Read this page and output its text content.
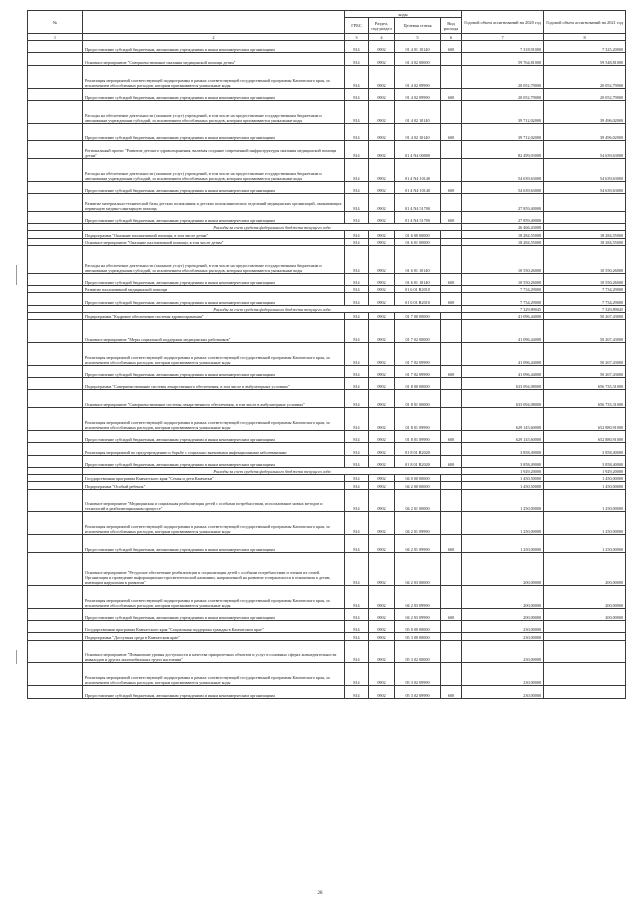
№		коды				Годовой объем ассигнований на 2020 год	Годовой объем ассигнований на 2021 год
		ГРБС	Раздел, под-раздел	Целевая статья	Вид расхода		
1	2	3	4	5	6	7	8
	Предоставление субсидий бюджетным, автономным учреждениям и иным некоммерческим организациям	814	0902	01 4 01 10140	600	7 318,91000	7 325,20000
	Основное мероприятие "Совершенствование оказания медицинской помощи детям"	814	0902	01 4 02 00000		59 764,81000	59 548,81000
	Реализация мероприятий соответствующей подпрограммы в рамках соответствующей государственной программы Камчатского края, за исключением обособленных расходов, которым присваиваются уникальные коды	814	0902	01 4 02 09990		20 052,79000	20 052,79000
	Предоставление субсидий бюджетным, автономным учреждениям и иным некоммерческим организациям	814	0902	01 4 02 09990	600	20 052,79000	20 052,79000
	Расходы на обеспечение деятельности (оказание услуг) учреждений, в том числе на предоставление государственным бюджетным и автономным учреждениям субсидий, за исключением обособленных расходов, которым присваиваются уникальные коды	814	0902	01 4 02 10140		39 712,02000	39 496,02000
	Предоставление субсидий бюджетным, автономным учреждениям и иным некоммерческим организациям	814	0902	01 4 02 10140	600	39 712,02000	39 496,02000
	Региональный проект "Развитие детского здравоохранения, включая создание современной инфраструктуры оказания медицинской помощи детям"	814	0902	01 4 N4 00000		82 499,03000	54 639,63000
	Расходы на обеспечение деятельности (оказание услуг) учреждений, в том числе на предоставление государственным бюджетным и автономным учреждениям субсидий, за исключением обособленных расходов, которым присваиваются уникальные коды	814	0902	01 4 N4 10140		54 639,63000	54 639,63000
	Предоставление субсидий бюджетным, автономным учреждениям и иным некоммерческим организациям	814	0902	01 4 N4 10140	600	54 639,63000	54 639,63000
	Развитие материально-технической базы детских поликлиник и детских поликлинических отделений медицинских организаций, оказывающих первичную медико-санитарную помощь	814	0902	01 4 N4 51700		27 859,40000	
	Предоставление субсидий бюджетным, автономным учреждениям и иным некоммерческим организациям	814	0902	01 4 N4 51700	600	27 859,40000	
	Расходы за счет средств федерального бюджета текущего года					26 466,43000	
	Подпрограмма "Оказание паллиативной помощи, в том числе детям"	814	0902	01 6 00 00000		18 284,55000	18 284,55000
	Основное мероприятие "Оказание паллиативной помощи, в том числе детям"	814	0902	01 6 01 00000		18 284,55000	18 284,55000
	Расходы на обеспечение деятельности (оказание услуг) учреждений, в том числе на предоставление государственным бюджетным и автономным учреждениям субсидий, за исключением обособленных расходов, которым присваиваются уникальные коды	814	0902	01 6 01 10140		10 550,26000	10 550,26000
	Предоставление субсидий бюджетным, автономным учреждениям и иным некоммерческим организациям	814	0902	01 6 01 10140	600	10 550,26000	10 550,26000
	Развитие паллиативной медицинской помощи	814	0902	01 6 01 R2010		7 734,29000	7 734,29000
	Предоставление субсидий бюджетным, автономным учреждениям и иным некоммерческим организациям	814	0902	01 6 01 R2010	600	7 734,29000	7 734,29000
	Расходы за счет средств федерального бюджета текущего года					7 329,89045	7 329,89045
	Подпрограмма "Кадровое обеспечение системы здравоохранения"	814	0902	01 7 00 00000		41 096,44000	50 267,43000
	Основное мероприятие "Меры социальной поддержки медицинских работников"	814	0902	01 7 02 00000		41 096,44000	50 267,43000
	Реализация мероприятий соответствующей подпрограммы в рамках соответствующей государственной программы Камчатского края, за исключением обособленных расходов, которым присваиваются уникальные коды	814	0902	01 7 02 09990		41 096,44000	50 267,43000
	Предоставление субсидий бюджетным, автономным учреждениям и иным некоммерческим организациям	814	0902	01 7 02 09990	600	41 096,44000	50 267,43000
	Подпрограмма "Совершенствование системы лекарственного обеспечения, в том числе в амбулаторных условиях"	814	0902	01 8 00 00000		633 094,08000	656 735,31000
	Основное мероприятие "Совершенствование системы лекарственного обеспечения, в том числе в амбулаторных условиях"	814	0902	01 8 01 00000		633 094,08000	656 735,31000
	Реализация мероприятий соответствующей подпрограммы в рамках соответствующей государственной программы Камчатского края, за исключением обособленных расходов, которым присваиваются уникальные коды	814	0902	01 8 01 09990		629 145,60000	652 880,91000
	Предоставление субсидий бюджетным, автономным учреждениям и иным некоммерческим организациям	814	0902	01 8 01 09990	600	629 145,60000	652 880,91000
	Реализация мероприятий по предупреждению и борьбе с социально значимыми инфекционными заболеваниями	814	0902	01 8 01 R2020		3 858,49000	3 858,40000
	Предоставление субсидий бюджетным, автономным учреждениям и иным некоммерческим организациям	814	0902	01 8 01 R2020	600	3 858,49000	3 858,40000
	Расходы за счет средств федерального бюджета текущего года					1 929,20000	1 929,20000
	Государственная программа Камчатского края "Семья и дети Камчатки"	814	0902	04 0 00 00000		1 450,50000	1 450,00000
	Подпрограмма "Особый ребенок"	814	0902	04 2 00 00000		1 450,50000	1 450,00000
	Основное мероприятие "Медицинская и социальная реабилитация детей с особыми потребностями, использование новых методов и технологий в реабилитационном процессе"	814	0902	04 2 01 00000		1 250,00000	1 250,00000
	Реализация мероприятий соответствующей подпрограммы в рамках соответствующей государственной программы Камчатского края, за исключением обособленных расходов, которым присваиваются уникальные коды	814	0902	04 2 01 09990		1 250,00000	1 250,00000
	Предоставление субсидий бюджетным, автономным учреждениям и иным некоммерческим организациям	814	0902	04 2 01 09990	600	1 250,00000	1 250,00000
	Основное мероприятие "Ресурсное обеспечение реабилитации и социализации детей с особыми потребностями и членов их семей. Организация и проведение информационно-просветительской кампании, направленной на развитие толерантности в отношении к детям, имеющим нарушения в развитии"	814	0902	04 2 03 00000		200,00000	200,00000
	Реализация мероприятий соответствующей подпрограммы в рамках соответствующей государственной программы Камчатского края, за исключением обособленных расходов, которым присваиваются уникальные коды	814	0902	04 2 03 09990		200,00000	200,00000
	Предоставление субсидий бюджетным, автономным учреждениям и иным некоммерческим организациям	814	0902	04 2 03 09990	600	200,00000	200,00000
	Государственная программа Камчатского края "Социальная поддержка граждан в Камчатском крае"	814	0902	05 0 00 00000		230,00000	
	Подпрограмма "Доступная среда в Камчатском крае"	814	0902	05 3 00 00000		230,00000	
	Основное мероприятие "Повышение уровня доступности и качества приоритетных объектов и услуг в основных сферах жизнедеятельности инвалидов и других маломобильных групп населения"	814	0902	05 3 02 00000		230,00000	
	Реализация мероприятий соответствующей подпрограммы в рамках соответствующей государственной программы Камчатского края, за исключением обособленных расходов, которым присваиваются уникальные коды	814	0902	05 3 02 09990		230,00000	
	Предоставление субсидий бюджетным, автономным учреждениям и иным некоммерческим организациям	814	0902	05 3 02 09990	600	230,00000	
28
